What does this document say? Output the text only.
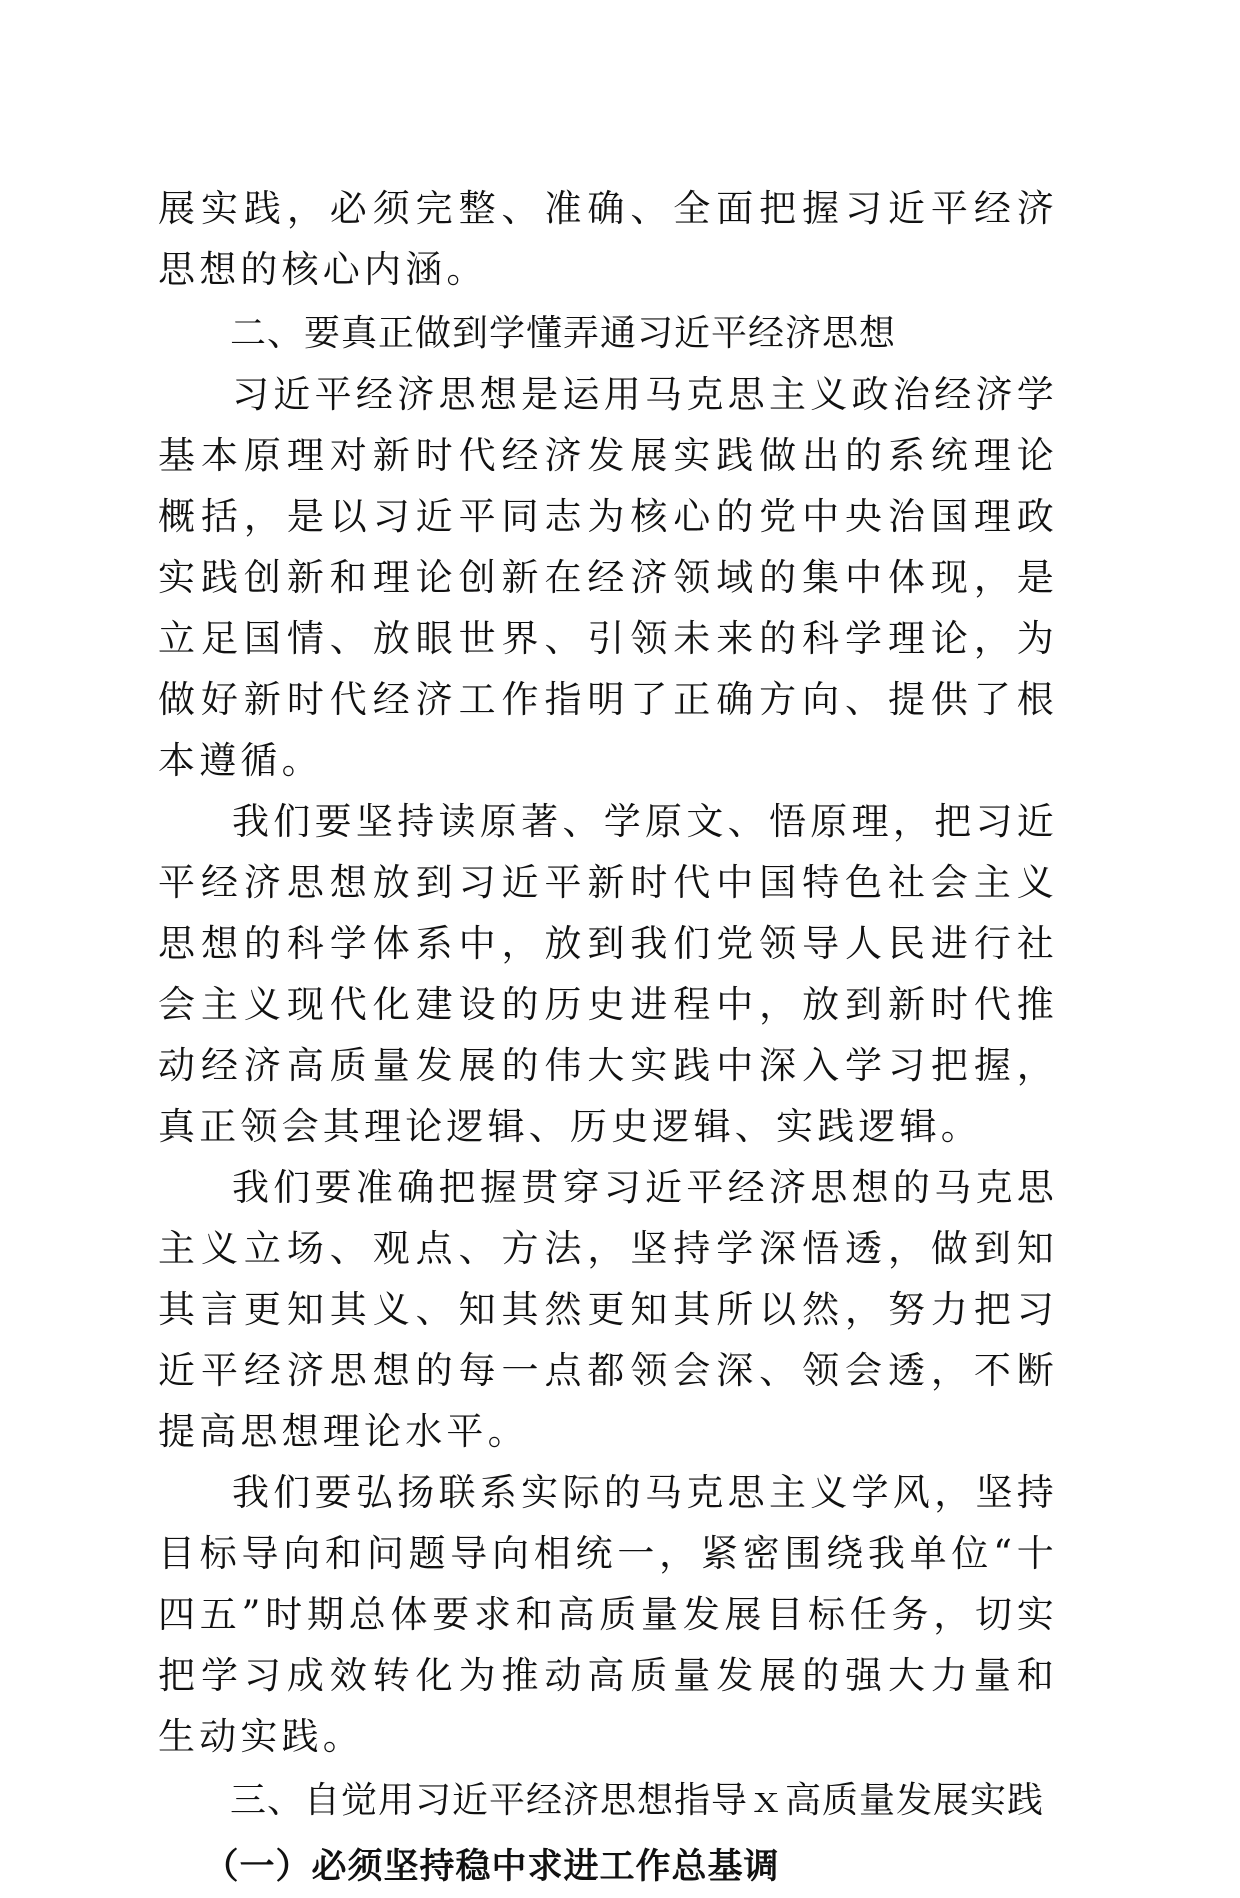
展实践，必须完整、准确、全面把握习近平经济思想的核心内涵。

二、要真正做到学懂弄通习近平经济思想

习近平经济思想是运用马克思主义政治经济学基本原理对新时代经济发展实践做出的系统理论概括，是以习近平同志为核心的党中央治国理政实践创新和理论创新在经济领域的集中体现，是立足国情、放眼世界、引领未来的科学理论，为做好新时代经济工作指明了正确方向、提供了根本遵循。

我们要坚持读原著、学原文、悟原理，把习近平经济思想放到习近平新时代中国特色社会主义思想的科学体系中，放到我们党领导人民进行社会主义现代化建设的历史进程中，放到新时代推动经济高质量发展的伟大实践中深入学习把握，真正领会其理论逻辑、历史逻辑、实践逻辑。

我们要准确把握贯穿习近平经济思想的马克思主义立场、观点、方法，坚持学深悟透，做到知其言更知其义、知其然更知其所以然，努力把习近平经济思想的每一点都领会深、领会透，不断提高思想理论水平。

我们要弘扬联系实际的马克思主义学风，坚持目标导向和问题导向相统一，紧密围绕我单位“十四五”时期总体要求和高质量发展目标任务，切实把学习成效转化为推动高质量发展的强大力量和生动实践。

三、自觉用习近平经济思想指导ｘ高质量发展实践

（一）必须坚持稳中求进工作总基调
